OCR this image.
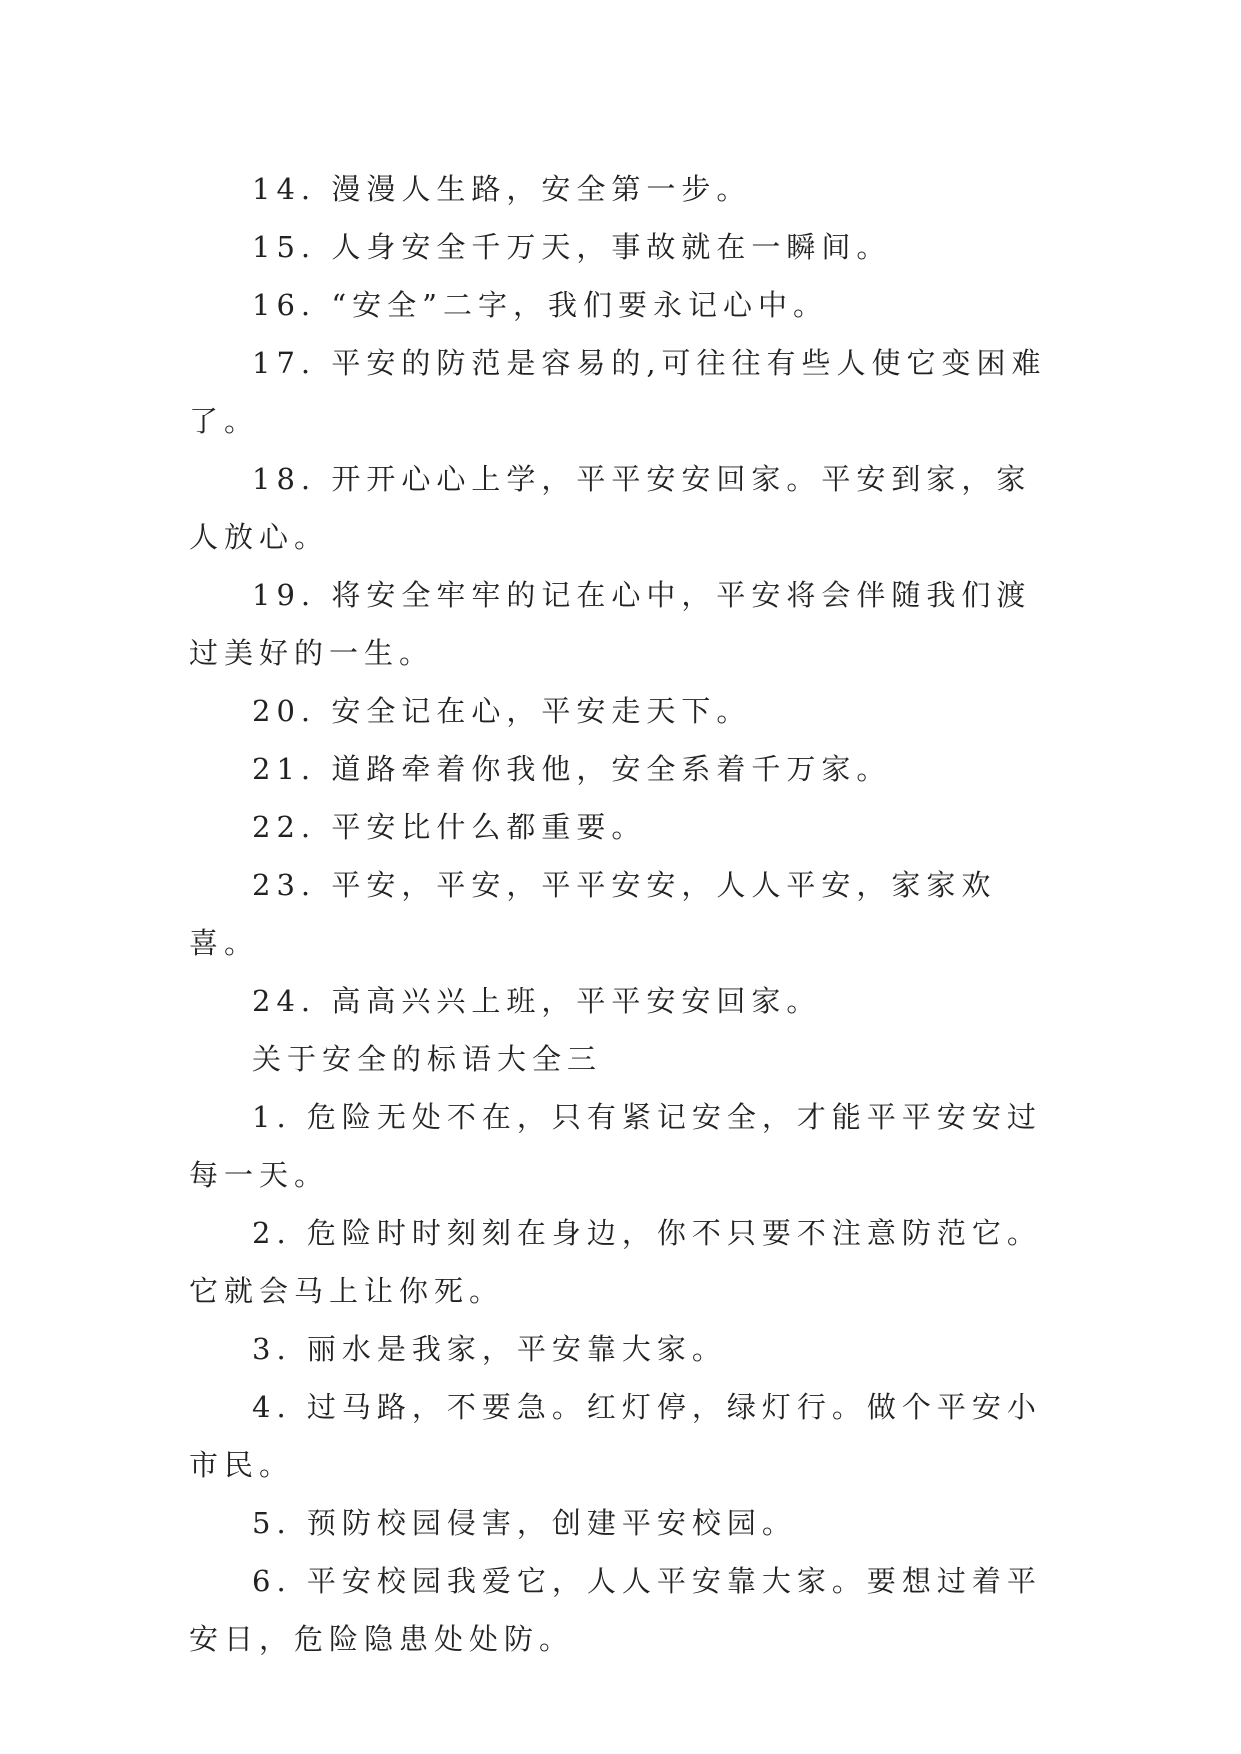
14. 漫漫人生路，安全第一步。

15. 人身安全千万天，事故就在一瞬间。

16. “安全”二字，我们要永记心中。

17. 平安的防范是容易的,可往往有些人使它变困难了。

18. 开开心心上学，平平安安回家。平安到家，家人放心。

19. 将安全牢牢的记在心中，平安将会伴随我们渡过美好的一生。

20. 安全记在心，平安走天下。

21. 道路牵着你我他，安全系着千万家。

22. 平安比什么都重要。

23. 平安，平安，平平安安，人人平安，家家欢喜。

24. 高高兴兴上班，平平安安回家。

关于安全的标语大全三

1. 危险无处不在，只有紧记安全，才能平平安安过每一天。

2. 危险时时刻刻在身边，你不只要不注意防范它。它就会马上让你死。

3. 丽水是我家，平安靠大家。

4. 过马路，不要急。红灯停，绿灯行。做个平安小市民。

5. 预防校园侵害，创建平安校园。

6. 平安校园我爱它，人人平安靠大家。要想过着平安日，危险隐患处处防。
